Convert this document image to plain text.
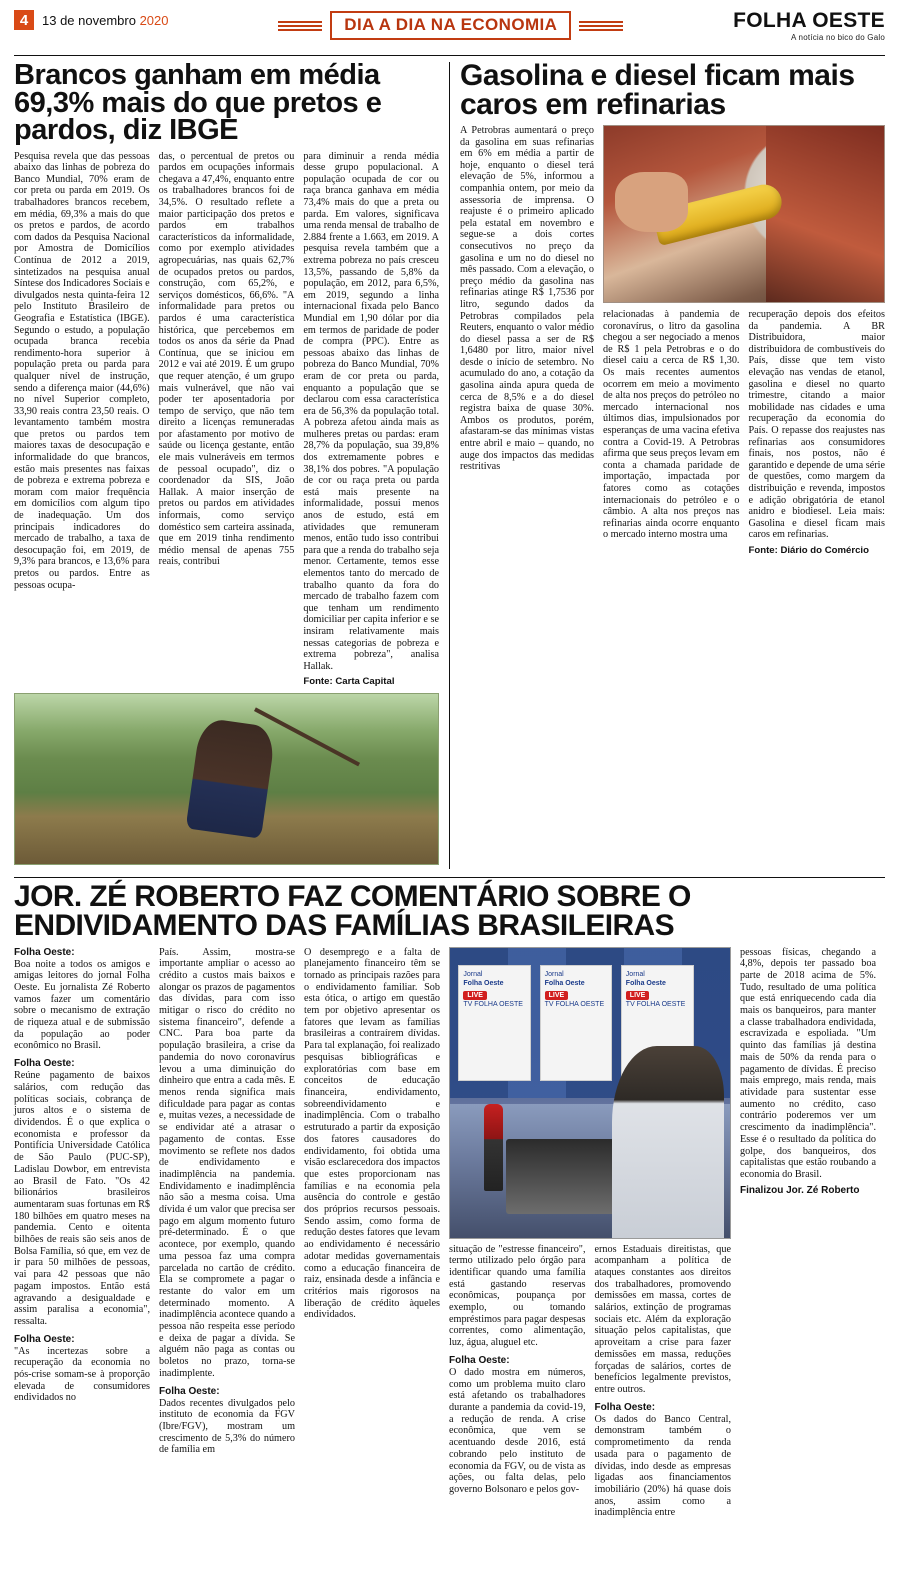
4	13 de novembro 2020	DIA A DIA NA ECONOMIA	FOLHA OESTE
A notícia no bico do Galo
Brancos ganham em média 69,3% mais do que pretos e pardos, diz IBGE

Pesquisa revela que das pessoas abaixo das linhas de pobreza do Banco Mundial, 70% eram de cor preta ou parda em 2019. Os trabalhadores brancos recebem, em média, 69,3% a mais do que os pretos e pardos, de acordo com dados da Pesquisa Nacional por Amostra de Domicílios Contínua de 2012 a 2019, sintetizados na pesquisa anual Síntese dos Indicadores Sociais e divulgados nesta quinta-feira 12 pelo Instituto Brasileiro de Geografia e Estatística (IBGE). Segundo o estudo, a população ocupada branca recebia rendimento-hora superior à população preta ou parda para qualquer nível de instrução, sendo a diferença maior (44,6%) no nível Superior completo, 33,90 reais contra 23,50 reais. O levantamento também mostra que pretos ou pardos tem maiores taxas de desocupação e informalidade do que brancos, estão mais presentes nas faixas de pobreza e extrema pobreza e moram com maior frequência em domicílios com algum tipo de inadequação. Um dos principais indicadores do mercado de trabalho, a taxa de desocupação foi, em 2019, de 9,3% para brancos, e 13,6% para pretos ou pardos. Entre as pessoas ocupa-

das, o percentual de pretos ou pardos em ocupações informais chegava a 47,4%, enquanto entre os trabalhadores brancos foi de 34,5%. O resultado reflete a maior participação dos pretos e pardos em trabalhos característicos da informalidade, como por exemplo atividades agropecuárias, nas quais 62,7% de ocupados pretos ou pardos, construção, com 65,2%, e serviços domésticos, 66,6%. "A informalidade para pretos ou pardos é uma característica histórica, que percebemos em todos os anos da série da Pnad Contínua, que se iniciou em 2012 e vai até 2019. É um grupo que requer atenção, é um grupo mais vulnerável, que não vai poder ter aposentadoria por tempo de serviço, que não tem direito a licenças remuneradas por afastamento por motivo de saúde ou licença gestante, então ele mais vulneráveis em termos de pessoal ocupado", diz o coordenador da SIS, João Hallak. A maior inserção de pretos ou pardos em atividades informais, como serviço doméstico sem carteira assinada, que em 2019 tinha rendimento médio mensal de apenas 755 reais, contribui

para diminuir a renda média desse grupo populacional. A população ocupada de cor ou raça branca ganhava em média 73,4% mais do que a preta ou parda. Em valores, significava uma renda mensal de trabalho de 2.884 frente a 1.663, em 2019. A pesquisa revela também que a extrema pobreza no país cresceu 13,5%, passando de 5,8% da população, em 2012, para 6,5%, em 2019, segundo a linha internacional fixada pelo Banco Mundial em 1,90 dólar por dia em termos de paridade de poder de compra (PPC). Entre as pessoas abaixo das linhas de pobreza do Banco Mundial, 70% eram de cor preta ou parda, enquanto a população que se declarou com essa característica era de 56,3% da população total. A pobreza afetou ainda mais as mulheres pretas ou pardas: eram 28,7% da população, sua 39,8% dos extremamente pobres e 38,1% dos pobres. "A população de cor ou raça preta ou parda está mais presente na informalidade, possui menos anos de estudo, está em atividades que remuneram menos, então tudo isso contribui para que a renda do trabalho seja menor. Certamente, temos esse elementos tanto do mercado de trabalho quanto da fora do mercado de trabalho fazem com que tenham um rendimento domiciliar per capita inferior e se insiram relativamente mais nessas categorias de pobreza e extrema pobreza", analisa Hallak.

Fonte: Carta Capital
Gasolina e diesel ficam mais caros em refinarias

A Petrobras aumentará o preço da gasolina em suas refinarias em 6% em média a partir de hoje, enquanto o diesel terá elevação de 5%, informou a companhia ontem, por meio da assessoria de imprensa. O reajuste é o primeiro aplicado pela estatal em novembro e segue-se a dois cortes consecutivos no preço da gasolina e um no do diesel no mês passado. Com a elevação, o preço médio da gasolina nas refinarias atinge R$ 1,7536 por litro, segundo dados da Petrobras compilados pela Reuters, enquanto o valor médio do diesel passa a ser de R$ 1,6480 por litro, maior nível desde o início de setembro. No acumulado do ano, a cotação da gasolina ainda apura queda de cerca de 8,5% e a do diesel registra baixa de quase 30%. Ambos os produtos, porém, afastaram-se das mínimas vistas entre abril e maio – quando, no auge dos impactos das medidas restritivas

relacionadas à pandemia de coronavírus, o litro da gasolina chegou a ser negociado a menos de R$ 1 pela Petrobras e o do diesel caiu a cerca de R$ 1,30. Os mais recentes aumentos ocorrem em meio a movimento de alta nos preços do petróleo no mercado internacional nos últimos dias, impulsionados por esperanças de uma vacina efetiva contra a Covid-19. A Petrobras afirma que seus preços levam em conta a chamada paridade de importação, impactada por fatores como as cotações internacionais do petróleo e o câmbio. A alta nos preços nas refinarias ainda ocorre enquanto o mercado interno mostra uma

recuperação depois dos efeitos da pandemia. A BR Distribuidora, maior distribuidora de combustíveis do País, disse que tem visto elevação nas vendas de etanol, gasolina e diesel no quarto trimestre, citando a maior mobilidade nas cidades e uma recuperação da economia do País. O repasse dos reajustes nas refinarias aos consumidores finais, nos postos, não é garantido e depende de uma série de questões, como margem da distribuição e revenda, impostos e adição obrigatória de etanol anidro e biodiesel. Leia mais: Gasolina e diesel ficam mais caros em refinarias.

Fonte: Diário do Comércio
JOR. ZÉ ROBERTO FAZ COMENTÁRIO SOBRE O ENDIVIDAMENTO DAS FAMÍLIAS BRASILEIRAS
Folha Oeste:

Boa noite a todos os amigos e amigas leitores do jornal Folha Oeste. Eu jornalista Zé Roberto vamos fazer um comentário sobre o mecanismo de extração de riqueza atual e de submissão da população ao poder econômico no Brasil.

Folha Oeste:

Reúne pagamento de baixos salários, com redução das políticas sociais, cobrança de juros altos e o sistema de dividendos. É o que explica o economista e professor da Pontifícia Universidade Católica de São Paulo (PUC-SP), Ladislau Dowbor, em entrevista ao Brasil de Fato. "Os 42 bilionários brasileiros aumentaram suas fortunas em R$ 180 bilhões em quatro meses na pandemia. Cento e oitenta bilhões de reais são seis anos de Bolsa Família, só que, em vez de ir para 50 milhões de pessoas, vai para 42 pessoas que não pagam impostos. Então está agravando a desigualdade e assim paralisa a economia", ressalta.

Folha Oeste:

"As incertezas sobre a recuperação da economia no pós-crise somam-se à proporção elevada de consumidores endividados no

País. Assim, mostra-se importante ampliar o acesso ao crédito a custos mais baixos e alongar os prazos de pagamentos das dívidas, para com isso mitigar o risco do crédito no sistema financeiro", defende a CNC. Para boa parte da população brasileira, a crise da pandemia do novo coronavírus levou a uma diminuição do dinheiro que entra a cada mês. E menos renda significa mais dificuldade para pagar as contas e, muitas vezes, a necessidade de se endividar até a atrasar o pagamento de contas. Esse movimento se reflete nos dados de endividamento e inadimplência na pandemia. Endividamento e inadimplência não são a mesma coisa. Uma dívida é um valor que precisa ser pago em algum momento futuro pré-determinado. É o que acontece, por exemplo, quando uma pessoa faz uma compra parcelada no cartão de crédito. Ela se compromete a pagar o restante do valor em um determinado momento. A inadimplência acontece quando a pessoa não respeita esse período e deixa de pagar a dívida. Se alguém não paga as contas ou boletos no prazo, torna-se inadimplente.

Folha Oeste:

Dados recentes divulgados pelo instituto de economia da FGV (Ibre/FGV), mostram um crescimento de 5,3% do número de família em

O desemprego e a falta de planejamento financeiro têm se tornado as principais razões para o endividamento familiar. Sob esta ótica, o artigo em questão tem por objetivo apresentar os fatores que levam as famílias brasileiras a contraírem dívidas. Para tal explanação, foi realizado pesquisas bibliográficas e exploratórias com base em conceitos de educação financeira, endividamento, sobreendividamento e inadimplência. Com o trabalho estruturado a partir da exposição dos fatores causadores do endividamento, foi obtida uma visão esclarecedora dos impactos que estes proporcionam nas famílias e na economia pela ausência do controle e gestão dos próprios recursos pessoais. Sendo assim, como forma de redução destes fatores que levam ao endividamento é necessário adotar medidas governamentais como a educação financeira de raiz, ensinada desde a infância e critérios mais rigorosos na liberação de crédito àqueles endividados.

Jornal
Folha Oeste
LIVE
TV FOLHA OESTE
Jornal
Folha Oeste
LIVE
TV FOLHA OESTE
Jornal
Folha Oeste
LIVE
TV FOLHA OESTE

situação de "estresse financeiro", termo utilizado pelo órgão para identificar quando uma família está gastando reservas econômicas, poupança por exemplo, ou tomando empréstimos para pagar despesas correntes, como alimentação, luz, água, aluguel etc.

Folha Oeste:

O dado mostra em números, como um problema muito claro está afetando os trabalhadores durante a pandemia da covid-19, a redução de renda. A crise econômica, que vem se acentuando desde 2016, está cobrando pelo instituto de economia da FGV, ou de vista as ações, ou falta delas, pelo governo Bolsonaro e pelos gov-

ernos Estaduais direitistas, que acompanham a política de ataques constantes aos direitos dos trabalhadores, promovendo demissões em massa, cortes de salários, extinção de programas sociais etc. Além da exploração situação pelos capitalistas, que aproveitam a crise para fazer demissões em massa, reduções forçadas de salários, cortes de benefícios legalmente previstos, entre outros.

Folha Oeste:

Os dados do Banco Central, demonstram também o comprometimento da renda usada para o pagamento de dívidas, indo desde as empresas ligadas aos financiamentos imobiliário (20%) há quase dois anos, assim como a inadimplência entre

pessoas físicas, chegando a 4,8%, depois ter passado boa parte de 2018 acima de 5%. Tudo, resultado de uma política que está enriquecendo cada dia mais os banqueiros, para manter a classe trabalhadora endividada, escravizada e espoliada. "Um quinto das famílias já destina mais de 50% da renda para o pagamento de dívidas. É preciso mais emprego, mais renda, mais atividade para sustentar esse aumento no crédito, caso contrário poderemos ver um crescimento da inadimplência". Esse é o resultado da política do golpe, dos banqueiros, dos capitalistas que estão roubando a economia do Brasil.

Finalizou Jor. Zé Roberto
